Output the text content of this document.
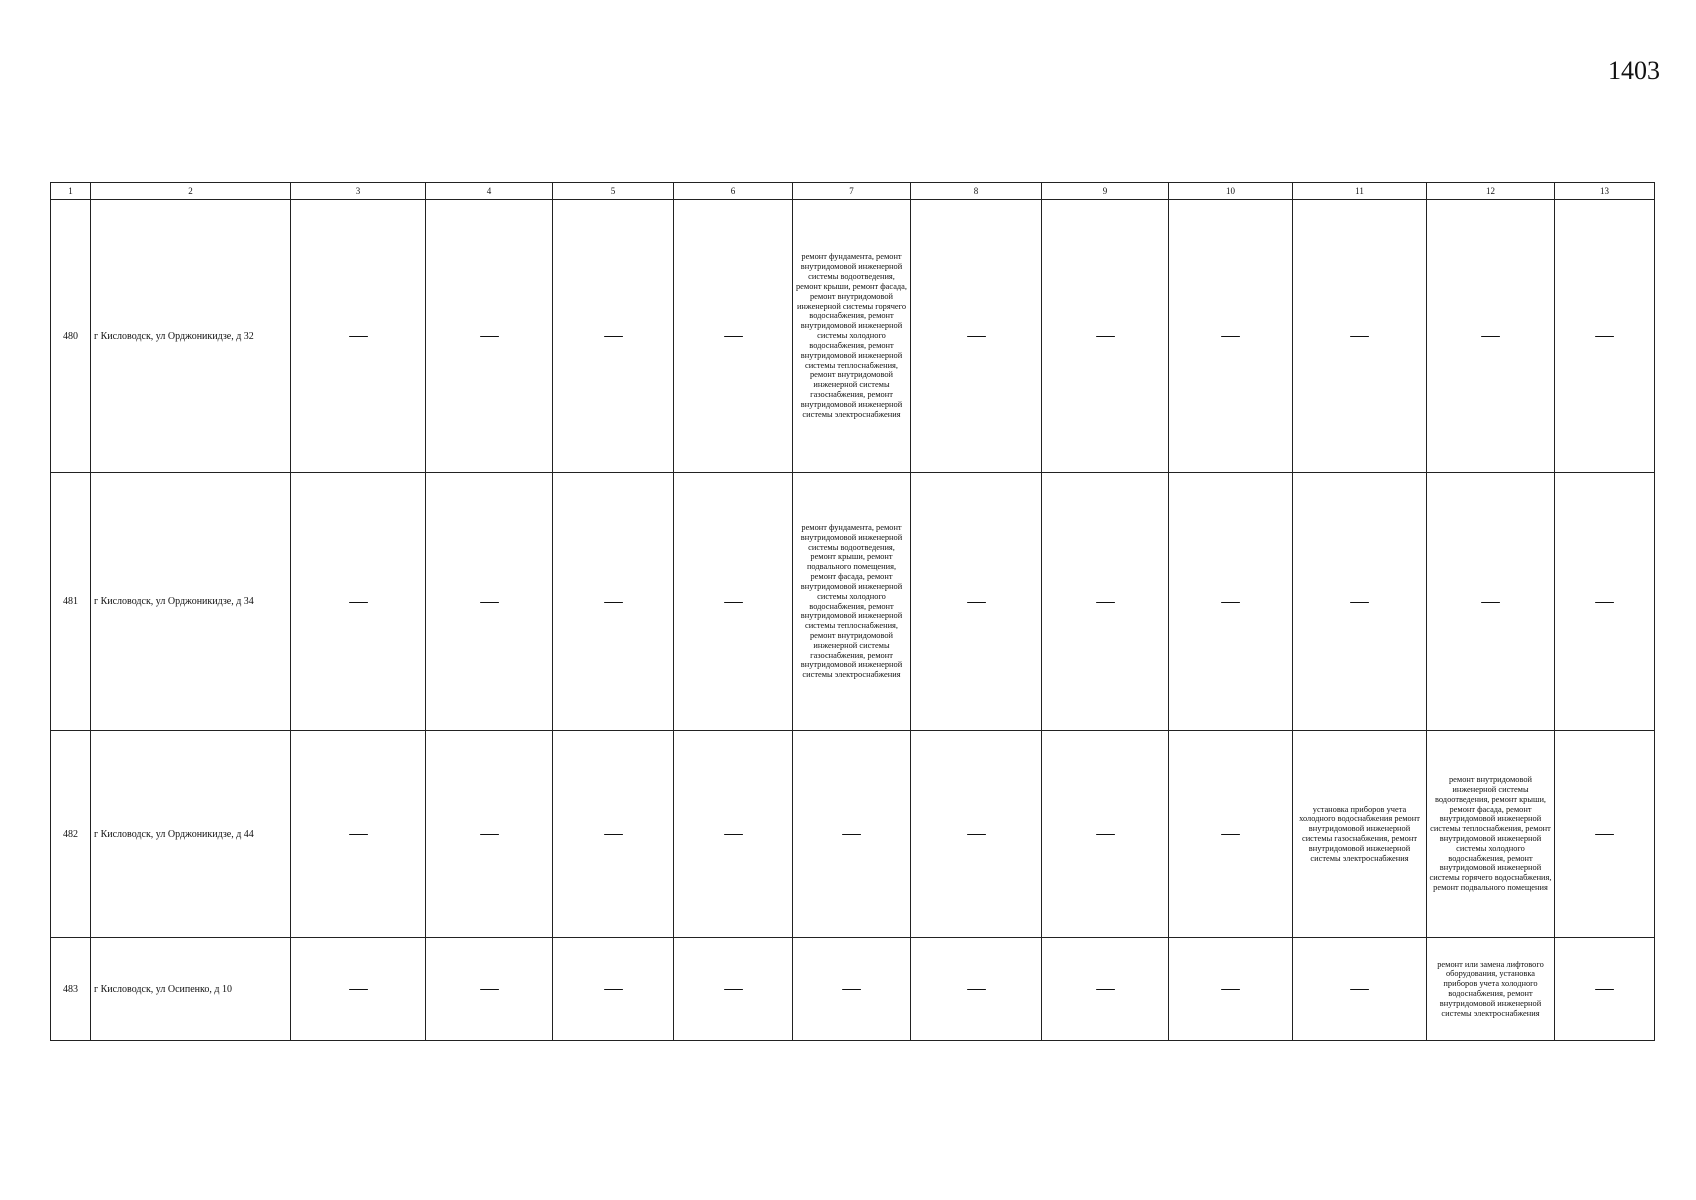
1403
1	2	3	4	5	6	7	8	9	10	11	12	13
480	г Кисловодск, ул Орджоникидзе, д 32	—	—	—	—	ремонт фундамента, ремонт внутридомовой инженерной системы водоотведения, ремонт крыши, ремонт фасада, ремонт внутридомовой инженерной системы горячего водоснабжения, ремонт внутридомовой инженерной системы холодного водоснабжения, ремонт внутридомовой инженерной системы теплоснабжения, ремонт внутридомовой инженерной системы газоснабжения, ремонт внутридомовой инженерной системы электроснабжения	—	—	—	—	—	—
481	г Кисловодск, ул Орджоникидзе, д 34	—	—	—	—	ремонт фундамента, ремонт внутридомовой инженерной системы водоотведения, ремонт крыши, ремонт подвального помещения, ремонт фасада, ремонт внутридомовой инженерной системы холодного водоснабжения, ремонт внутридомовой инженерной системы теплоснабжения, ремонт внутридомовой инженерной системы газоснабжения, ремонт внутридомовой инженерной системы электроснабжения	—	—	—	—	—	—
482	г Кисловодск, ул Орджоникидзе, д 44	—	—	—	—	—	—	—	—	установка приборов учета холодного водоснабжения ремонт внутридомовой инженерной системы газоснабжения, ремонт внутридомовой инженерной системы электроснабжения	ремонт внутридомовой инженерной системы водоотведения, ремонт крыши, ремонт фасада, ремонт внутридомовой инженерной системы теплоснабжения, ремонт внутридомовой инженерной системы холодного водоснабжения, ремонт внутридомовой инженерной системы горячего водоснабжения, ремонт подвального помещения	—
483	г Кисловодск, ул Осипенко, д 10	—	—	—	—	—	—	—	—	—	ремонт или замена лифтового оборудования, установка приборов учета холодного водоснабжения, ремонт внутридомовой инженерной системы электроснабжения	—
